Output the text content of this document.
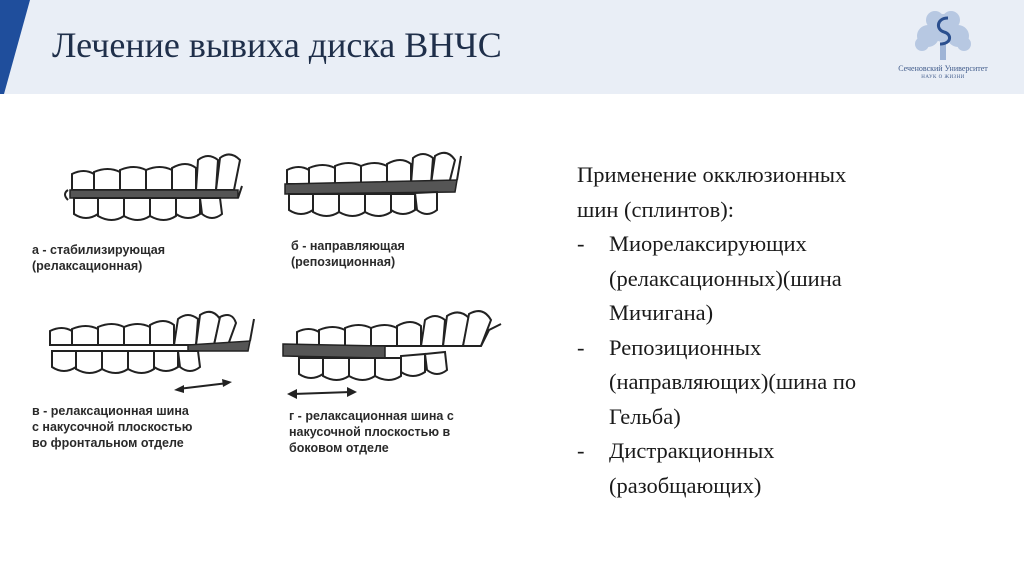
Лечение вывиха диска ВНЧС
Сеченовский Университет
НАУК О ЖИЗНИ
а - стабилизирующая
(релаксационная)
б - направляющая
(репозиционная)
в - релаксационная шина
с накусочной плоскостью
во фронтальном отделе
г - релаксационная шина с
накусочной плоскостью в
боковом отделе

Применение окклюзионных
шин (сплинтов):

- Миорелаксирующих
(релаксационных)(шина
Мичигана)
- Репозиционных
(направляющих)(шина по
Гельба)
- Дистракционных
(разобщающих)
